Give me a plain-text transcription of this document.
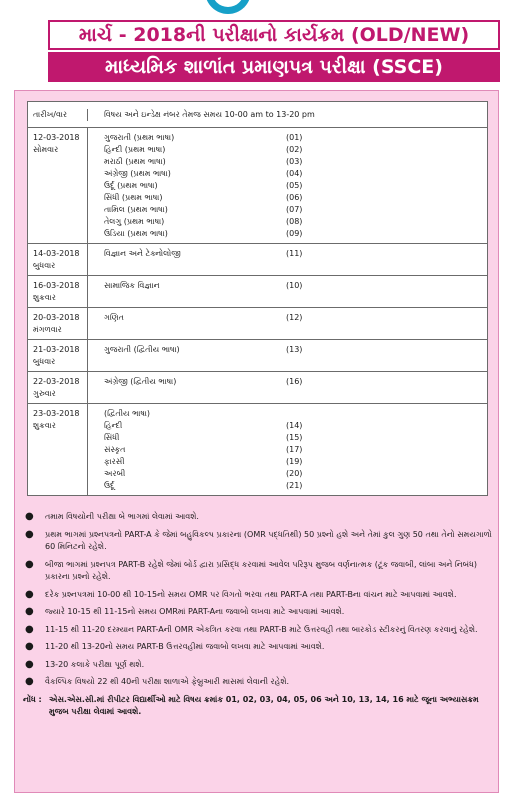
માર્ચ - 2018ની પરીક્ષાનો કાર્યક્રમ (OLD/NEW)
માધ્યમિક શાળાંત પ્રમાણપત્ર પરીક્ષા (SSCE)
તારીખ/વાર	વિષય અને ઇન્ડેક્ષ નંબર તેમજ સમય 10-00 am to 13-20 pm
12-03-2018
સોમવાર
ગુજરાતી (પ્રથમ ભાષા)	(01)
હિન્દી (પ્રથમ ભાષા)	(02)
મરાઠી (પ્રથમ ભાષા)	(03)
અંગ્રેજી (પ્રથમ ભાષા)	(04)
ઉર્દૂ (પ્રથમ ભાષા)	(05)
સિંધી (પ્રથમ ભાષા)	(06)
તામિલ (પ્રથમ ભાષા)	(07)
તેલગુ (પ્રથમ ભાષા)	(08)
ઉડિયા (પ્રથમ ભાષા)	(09)
14-03-2018
બુધવાર
વિજ્ઞાન અને ટેક્નોલોજી	(11)
16-03-2018
શુક્રવાર
સામાજિક વિજ્ઞાન	(10)
20-03-2018
મંગળવાર
ગણિત	(12)
21-03-2018
બુધવાર
ગુજરાતી (દ્વિતીય ભાષા)	(13)
22-03-2018
ગુરુવાર
અંગ્રેજી (દ્વિતીય ભાષા)	(16)
23-03-2018
શુક્રવાર
(દ્વિતીય ભાષા)
હિન્દી	(14)
સિંધી	(15)
સંસ્કૃત	(17)
ફારસી	(19)
અરબી	(20)
ઉર્દૂ	(21)
●	તમામ વિષયોની પરીક્ષા બે ભાગમાં લેવામાં આવશે.
●	પ્રથમ ભાગમાં પ્રશ્નપત્રનો PART-A કે જેમાં બહુવિકલ્પ પ્રકારના (OMR પદ્ધતિથી) 50 પ્રશ્નો હશે અને તેમાં કુલ ગુણ 50 તથા તેનો સમયગાળો 60 મિનિટનો રહેશે.
●	બીજા ભાગમાં પ્રશ્નપત્ર PART-B રહેશે જેમાં બોર્ડ દ્વારા પ્રસિદ્ધ કરવામાં આવેલ પરિરૂપ મુજબ વર્ણનાત્મક (ટૂંક જવાબી, લાંબા અને નિબંધ) પ્રકારના પ્રશ્નો રહેશે.
●	દરેક પ્રશ્નપત્રમાં 10-00 થી 10-15નો સમય OMR પર વિગતો ભરવા તથા PART-A તથા PART-Bના વાંચન માટે આપવામાં આવશે.
●	જ્યારે 10-15 થી 11-15નો સમય OMRમાં PART-Aના જવાબો લખવા માટે આપવામાં આવશે.
●	11-15 થી 11-20 દરમ્યાન PART-Aની OMR એકત્રિત કરવા તથા PART-B માટે ઉત્તરવહી તથા બારકોડ સ્ટીકરનું વિતરણ કરવાનું રહેશે.
●	11-20 થી 13-20નો સમય PART-B ઉત્તરવહીમાં જવાબો લખવા માટે આપવામાં આવશે.
●	13-20 કલાકે પરીક્ષા પૂર્ણ થશે.
●	વૈકલ્પિક વિષયો 22 થી 40ની પરીક્ષા શાળાએ ફેબ્રુઆરી માસમાં લેવાની રહેશે.
નોંધ : એસ.એસ.સી.માં રીપીટર વિદ્યાર્થીઓ માટે વિષય ક્રમાંક 01, 02, 03, 04, 05, 06 અને 10, 13, 14, 16 માટે જૂના અભ્યાસક્રમ મુજબ પરીક્ષા લેવામાં આવશે.
